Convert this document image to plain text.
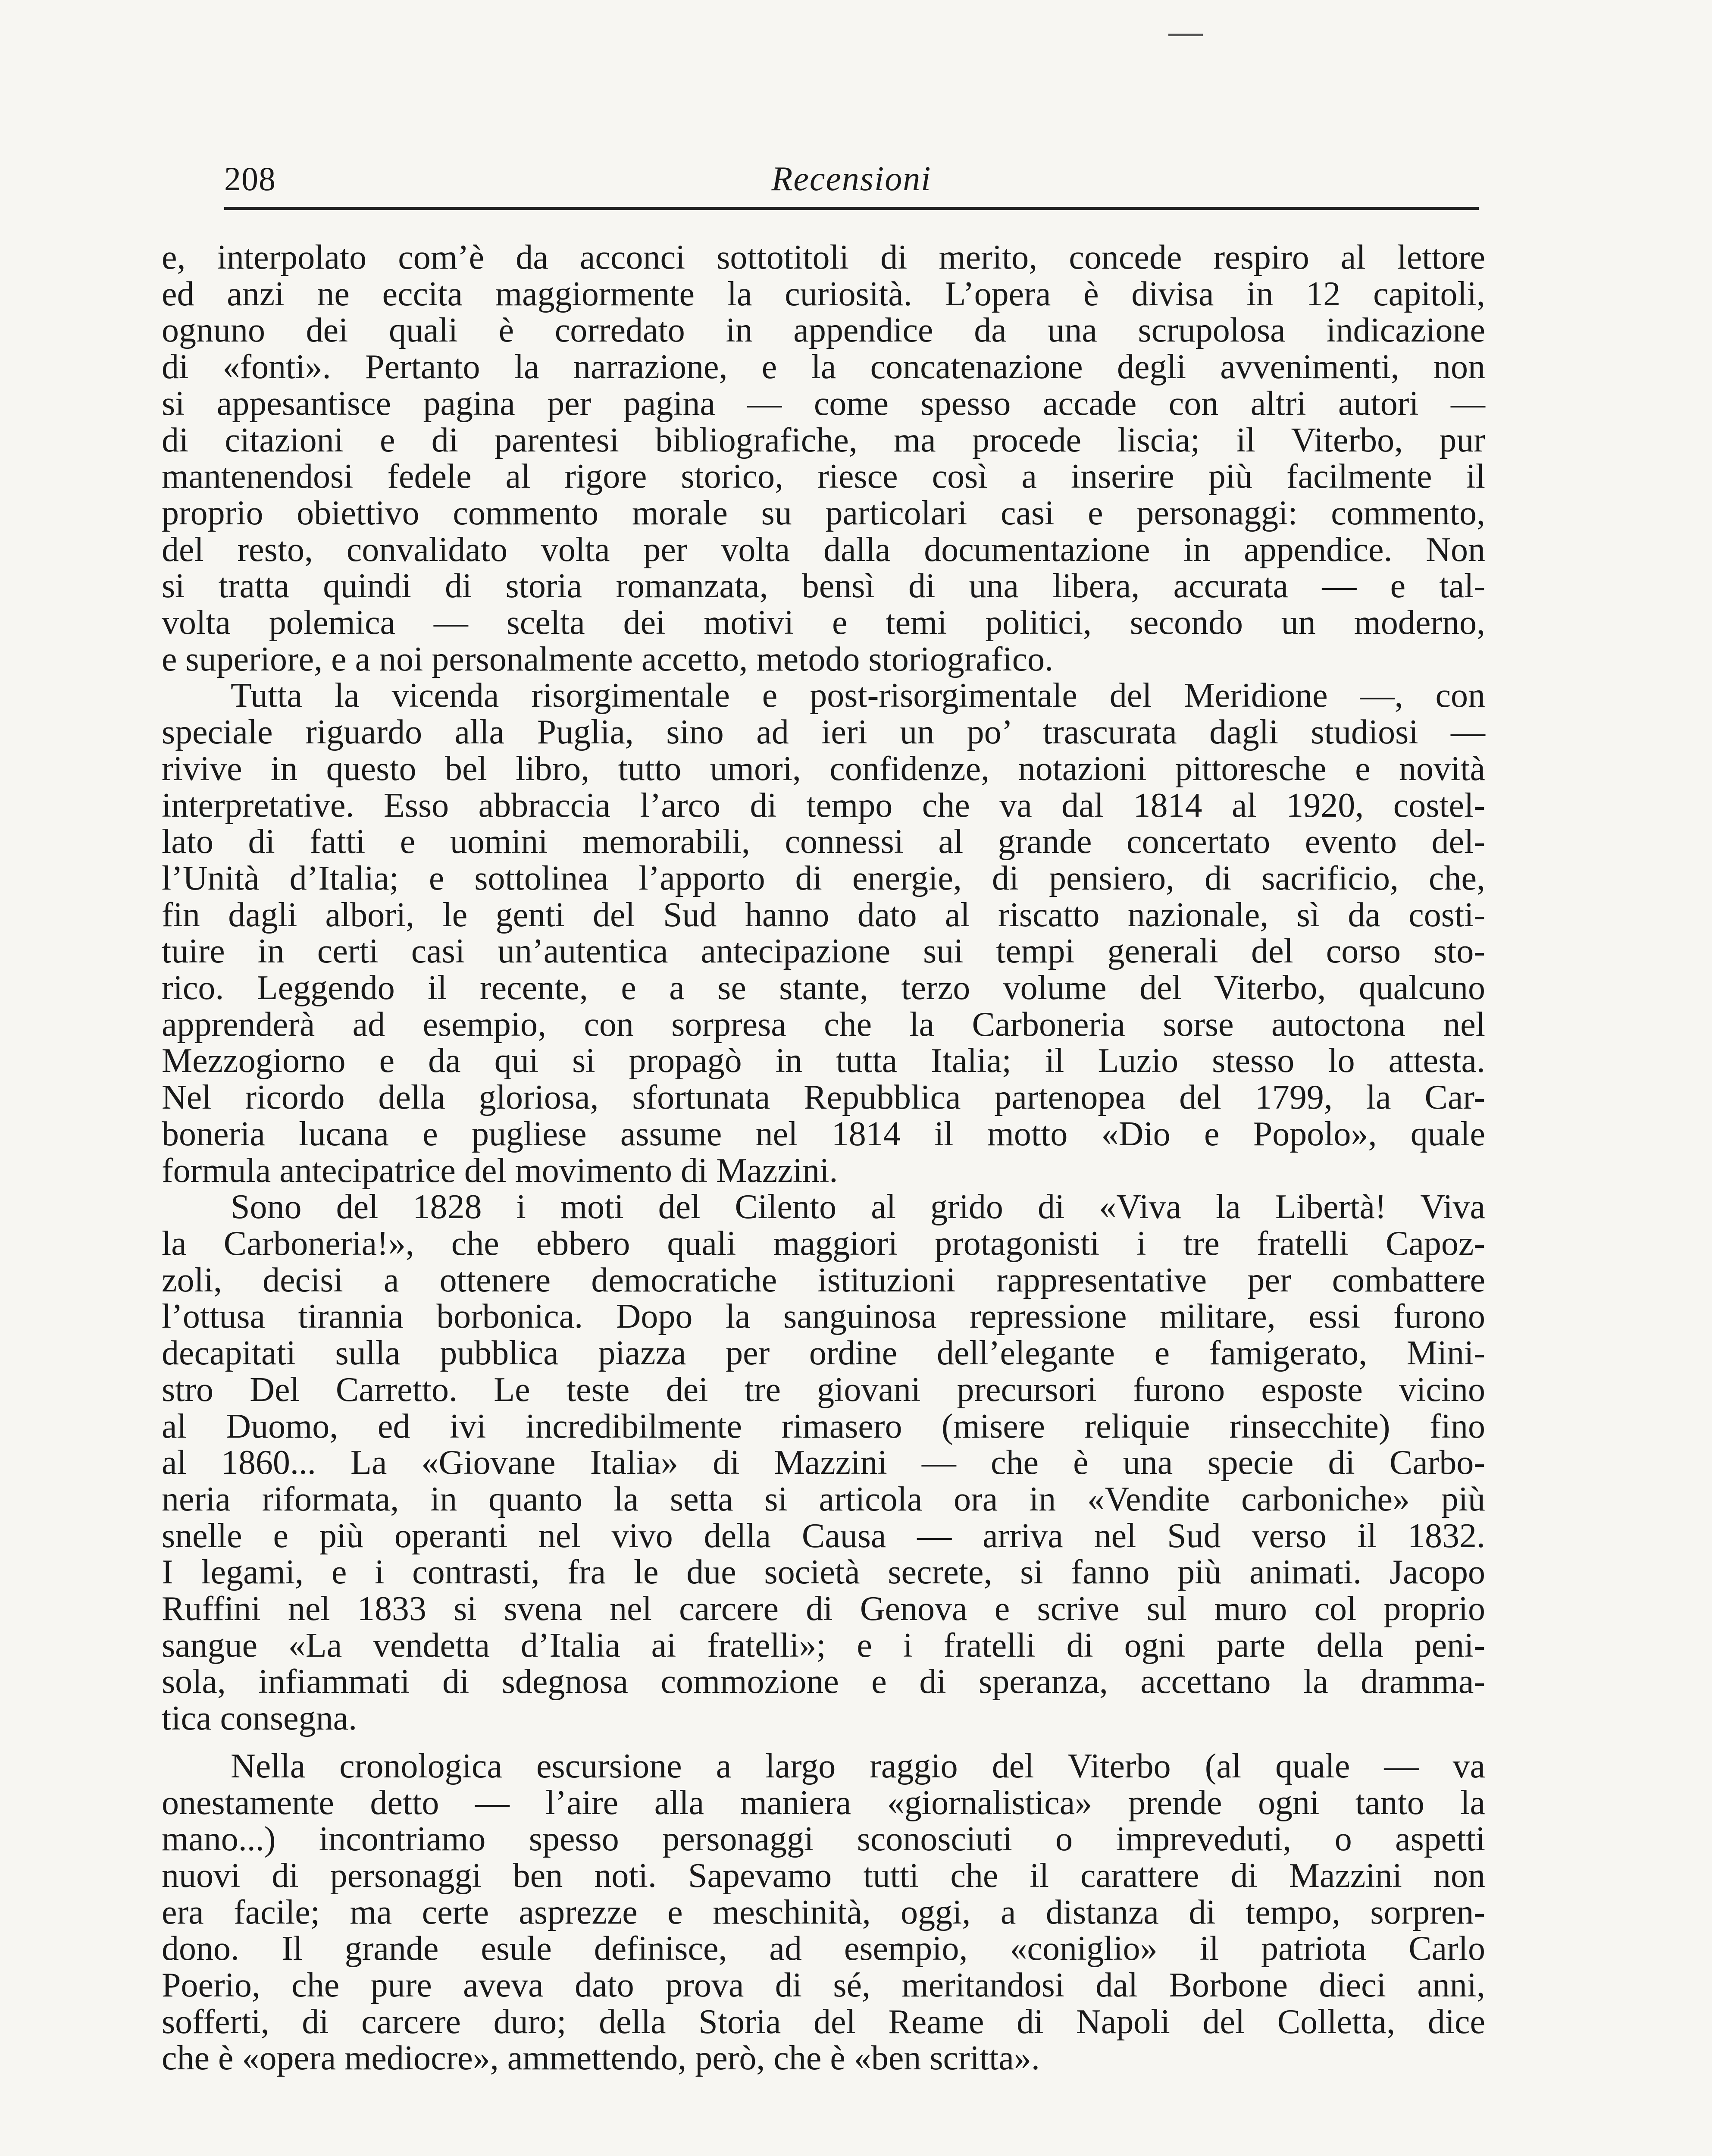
208	Recensioni

e, interpolato com’è da acconci sottotitoli di merito, concede respiro al lettore
ed anzi ne eccita maggiormente la curiosità. L’opera è divisa in 12 capitoli,
ognuno dei quali è corredato in appendice da una scrupolosa indicazione
di «fonti». Pertanto la narrazione, e la concatenazione degli avvenimenti, non
si appesantisce pagina per pagina — come spesso accade con altri autori —
di citazioni e di parentesi bibliografiche, ma procede liscia; il Viterbo, pur
mantenendosi fedele al rigore storico, riesce così a inserire più facilmente il
proprio obiettivo commento morale su particolari casi e personaggi: commento,
del resto, convalidato volta per volta dalla documentazione in appendice. Non
si tratta quindi di storia romanzata, bensì di una libera, accurata — e tal-
volta polemica — scelta dei motivi e temi politici, secondo un moderno,
e superiore, e a noi personalmente accetto, metodo storiografico.

Tutta la vicenda risorgimentale e post-risorgimentale del Meridione —, con
speciale riguardo alla Puglia, sino ad ieri un po’ trascurata dagli studiosi —
rivive in questo bel libro, tutto umori, confidenze, notazioni pittoresche e novità
interpretative. Esso abbraccia l’arco di tempo che va dal 1814 al 1920, costel-
lato di fatti e uomini memorabili, connessi al grande concertato evento del-
l’Unità d’Italia; e sottolinea l’apporto di energie, di pensiero, di sacrificio, che,
fin dagli albori, le genti del Sud hanno dato al riscatto nazionale, sì da costi-
tuire in certi casi un’autentica antecipazione sui tempi generali del corso sto-
rico. Leggendo il recente, e a se stante, terzo volume del Viterbo, qualcuno
apprenderà ad esempio, con sorpresa che la Carboneria sorse autoctona nel
Mezzogiorno e da qui si propagò in tutta Italia; il Luzio stesso lo attesta.
Nel ricordo della gloriosa, sfortunata Repubblica partenopea del 1799, la Car-
boneria lucana e pugliese assume nel 1814 il motto «Dio e Popolo», quale
formula antecipatrice del movimento di Mazzini.

Sono del 1828 i moti del Cilento al grido di «Viva la Libertà! Viva
la Carboneria!», che ebbero quali maggiori protagonisti i tre fratelli Capoz-
zoli, decisi a ottenere democratiche istituzioni rappresentative per combattere
l’ottusa tirannia borbonica. Dopo la sanguinosa repressione militare, essi furono
decapitati sulla pubblica piazza per ordine dell’elegante e famigerato, Mini-
stro Del Carretto. Le teste dei tre giovani precursori furono esposte vicino
al Duomo, ed ivi incredibilmente rimasero (misere reliquie rinsecchite) fino
al 1860... La «Giovane Italia» di Mazzini — che è una specie di Carbo-
neria riformata, in quanto la setta si articola ora in «Vendite carboniche» più
snelle e più operanti nel vivo della Causa — arriva nel Sud verso il 1832.
I legami, e i contrasti, fra le due società secrete, si fanno più animati. Jacopo
Ruffini nel 1833 si svena nel carcere di Genova e scrive sul muro col proprio
sangue «La vendetta d’Italia ai fratelli»; e i fratelli di ogni parte della peni-
sola, infiammati di sdegnosa commozione e di speranza, accettano la dramma-
tica consegna.

Nella cronologica escursione a largo raggio del Viterbo (al quale — va
onestamente detto — l’aire alla maniera «giornalistica» prende ogni tanto la
mano...) incontriamo spesso personaggi sconosciuti o impreveduti, o aspetti
nuovi di personaggi ben noti. Sapevamo tutti che il carattere di Mazzini non
era facile; ma certe asprezze e meschinità, oggi, a distanza di tempo, sorpren-
dono. Il grande esule definisce, ad esempio, «coniglio» il patriota Carlo
Poerio, che pure aveva dato prova di sé, meritandosi dal Borbone dieci anni,
sofferti, di carcere duro; della Storia del Reame di Napoli del Colletta, dice
che è «opera mediocre», ammettendo, però, che è «ben scritta».
